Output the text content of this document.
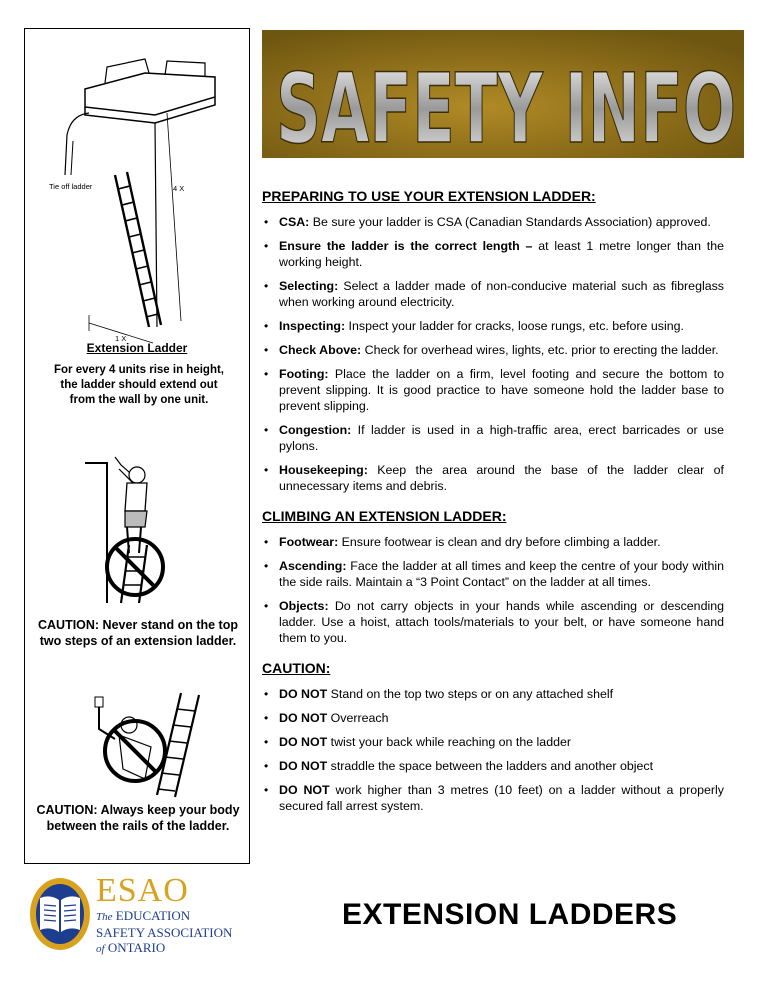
Tie off ladder	4 X
1 X
Extension Ladder
For every 4 units rise in height, the ladder should extend out from the wall by one unit.
CAUTION: Never stand on the top two steps of an extension ladder.
CAUTION: Always keep your body between the rails of the ladder.
SAFETY INFO
PREPARING TO USE YOUR EXTENSION LADDER:
• CSA: Be sure your ladder is CSA (Canadian Standards Association) approved.
• Ensure the ladder is the correct length – at least 1 metre longer than the working height.
• Selecting: Select a ladder made of non-conducive material such as fibreglass when working around electricity.
• Inspecting: Inspect your ladder for cracks, loose rungs, etc. before using.
• Check Above: Check for overhead wires, lights, etc. prior to erecting the ladder.
• Footing: Place the ladder on a firm, level footing and secure the bottom to prevent slipping. It is good practice to have someone hold the ladder base to prevent slipping.
• Congestion: If ladder is used in a high-traffic area, erect barricades or use pylons.
• Housekeeping: Keep the area around the base of the ladder clear of unnecessary items and debris.
CLIMBING AN EXTENSION LADDER:
• Footwear: Ensure footwear is clean and dry before climbing a ladder.
• Ascending: Face the ladder at all times and keep the centre of your body within the side rails. Maintain a “3 Point Contact” on the ladder at all times.
• Objects: Do not carry objects in your hands while ascending or descending ladder. Use a hoist, attach tools/materials to your belt, or have someone hand them to you.
CAUTION:
• DO NOT Stand on the top two steps or on any attached shelf
• DO NOT Overreach
• DO NOT twist your back while reaching on the ladder
• DO NOT straddle the space between the ladders and another object
• DO NOT work higher than 3 metres (10 feet) on a ladder without a properly secured fall arrest system.
ESAO
The EDUCATION
SAFETY ASSOCIATION
of ONTARIO
EXTENSION LADDERS
